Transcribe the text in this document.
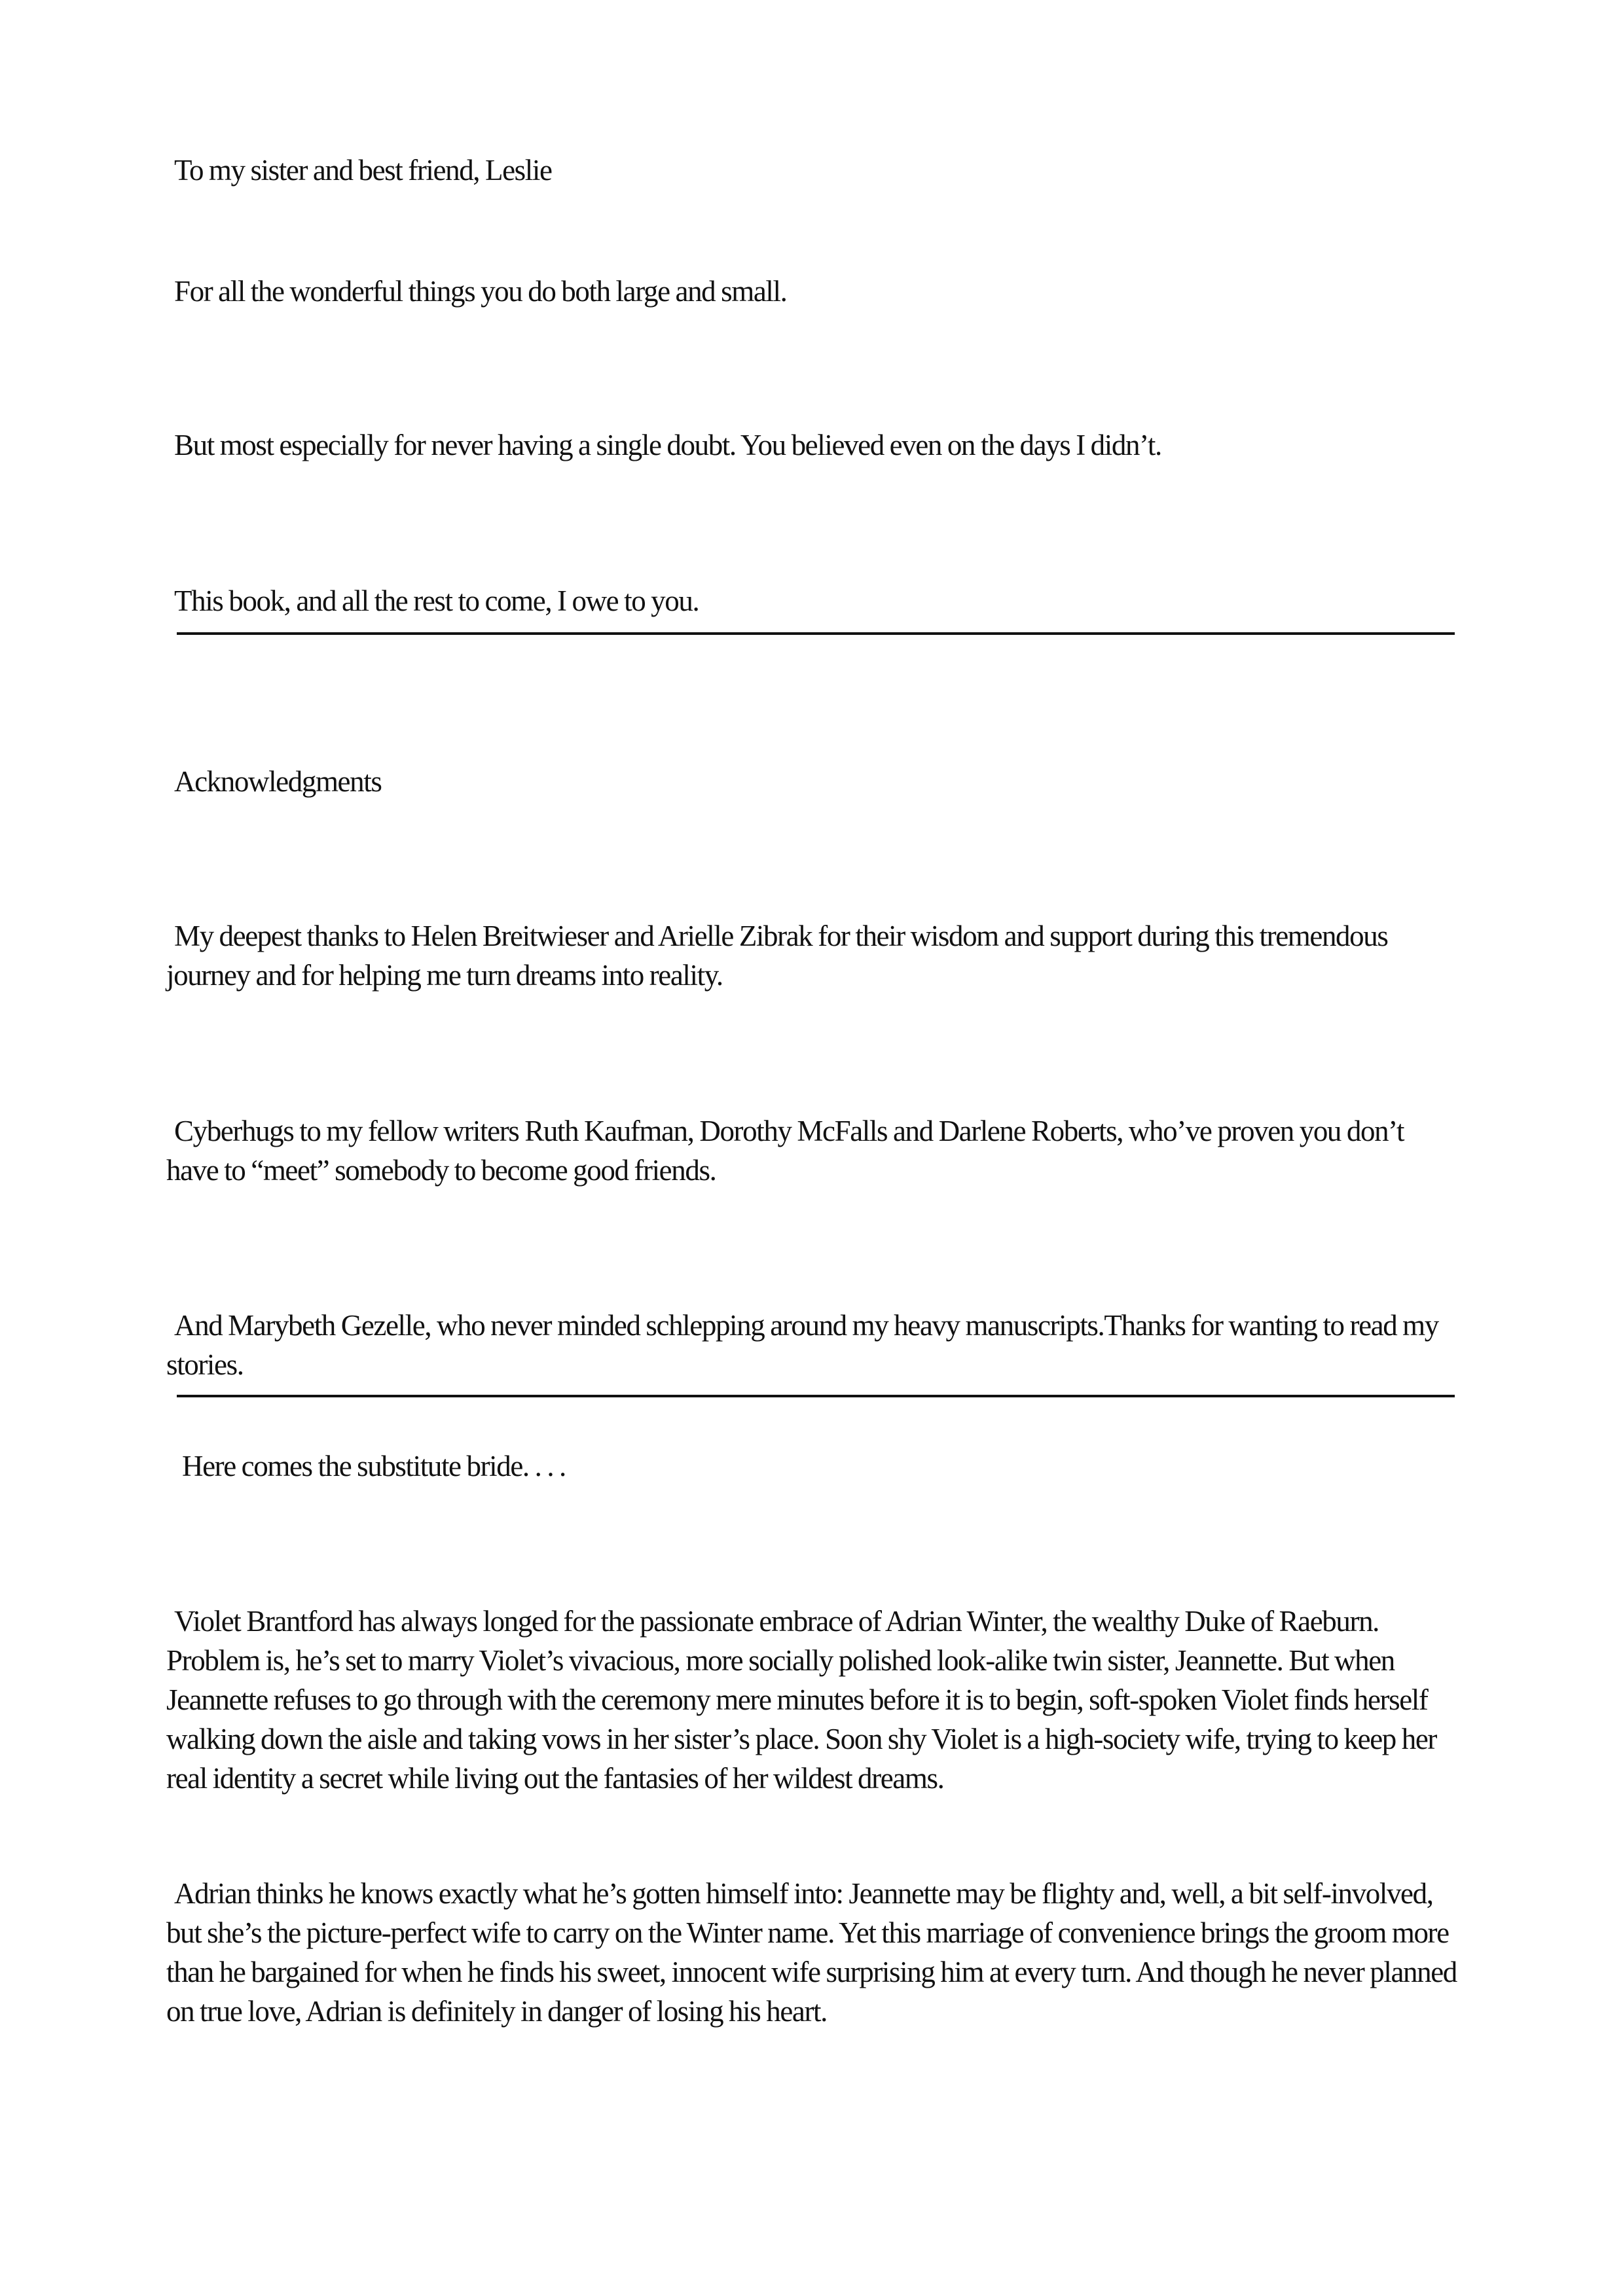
To my sister and best friend, Leslie

For all the wonderful things you do both large and small.

But most especially for never having a single doubt. You believed even on the days I didn’t.

This book, and all the rest to come, I owe to you.

Acknowledgments

My deepest thanks to Helen Breitwieser and Arielle Zibrak for their wisdom and support during this tremendous journey and for helping me turn dreams into reality.

Cyberhugs to my fellow writers Ruth Kaufman, Dorothy McFalls and Darlene Roberts, who’ve proven you don’t have to “meet” somebody to become good friends.

And Marybeth Gezelle, who never minded schlepping around my heavy manuscripts.Thanks for wanting to read my stories.

Here comes the substitute bride. . . .

Violet Brantford has always longed for the passionate embrace of Adrian Winter, the wealthy Duke of Raeburn. Problem is, he’s set to marry Violet’s vivacious, more socially polished look-alike twin sister, Jeannette. But when Jeannette refuses to go through with the ceremony mere minutes before it is to begin, soft-spoken Violet finds herself walking down the aisle and taking vows in her sister’s place. Soon shy Violet is a high-society wife, trying to keep her real identity a secret while living out the fantasies of her wildest dreams.

Adrian thinks he knows exactly what he’s gotten himself into: Jeannette may be flighty and, well, a bit self-involved, but she’s the picture-perfect wife to carry on the Winter name. Yet this marriage of convenience brings the groom more than he bargained for when he finds his sweet, innocent wife surprising him at every turn. And though he never planned on true love, Adrian is definitely in danger of losing his heart.
